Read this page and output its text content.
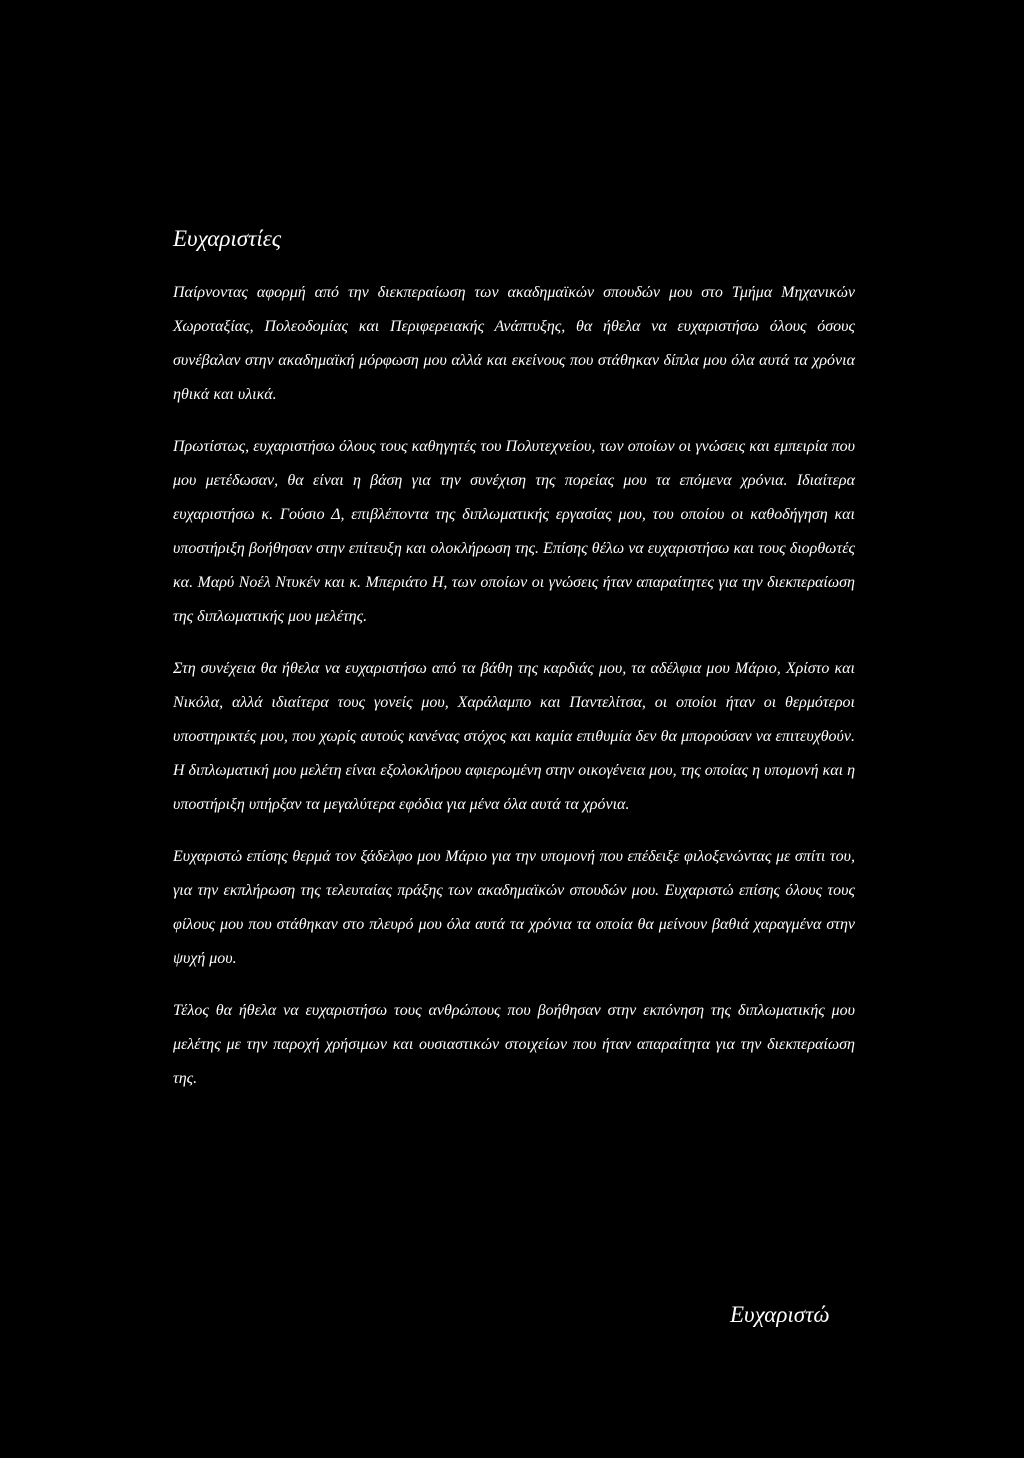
Ευχαριστίες

Παίρνοντας αφορμή από την διεκπεραίωση των ακαδημαϊκών σπουδών μου στο Τμήμα Μηχανικών Χωροταξίας, Πολεοδομίας και Περιφερειακής Ανάπτυξης, θα ήθελα να ευχαριστήσω όλους όσους συνέβαλαν στην ακαδημαϊκή μόρφωση μου αλλά και εκείνους που στάθηκαν δίπλα μου όλα αυτά τα χρόνια ηθικά και υλικά.

Πρωτίστως, ευχαριστήσω όλους τους καθηγητές του Πολυτεχνείου, των οποίων οι γνώσεις και εμπειρία που μου μετέδωσαν, θα είναι η βάση για την συνέχιση της πορείας μου τα επόμενα χρόνια. Ιδιαίτερα ευχαριστήσω κ. Γούσιο Δ, επιβλέποντα της διπλωματικής εργασίας μου, του οποίου οι καθοδήγηση και υποστήριξη βοήθησαν στην επίτευξη και ολοκλήρωση της. Επίσης θέλω να ευχαριστήσω και τους διορθωτές κα. Μαρύ Νοέλ Ντυκέν και κ. Μπεριάτο Η, των οποίων οι γνώσεις ήταν απαραίτητες για την διεκπεραίωση της διπλωματικής μου μελέτης.

Στη συνέχεια θα ήθελα να ευχαριστήσω από τα βάθη της καρδιάς μου, τα αδέλφια μου Μάριο, Χρίστο και Νικόλα, αλλά ιδιαίτερα τους γονείς μου, Χαράλαμπο και Παντελίτσα, οι οποίοι ήταν οι θερμότεροι υποστηρικτές μου, που χωρίς αυτούς κανένας στόχος και καμία επιθυμία δεν θα μπορούσαν να επιτευχθούν. Η διπλωματική μου μελέτη είναι εξολοκλήρου αφιερωμένη στην οικογένεια μου, της οποίας η υπομονή και η υποστήριξη υπήρξαν τα μεγαλύτερα εφόδια για μένα όλα αυτά τα χρόνια.

Ευχαριστώ επίσης θερμά τον ξάδελφο μου Μάριο για την υπομονή που επέδειξε φιλοξενώντας με σπίτι του, για την εκπλήρωση της τελευταίας πράξης των ακαδημαϊκών σπουδών μου. Ευχαριστώ επίσης όλους τους φίλους μου που στάθηκαν στο πλευρό μου όλα αυτά τα χρόνια τα οποία θα μείνουν βαθιά χαραγμένα στην ψυχή μου.

Τέλος θα ήθελα να ευχαριστήσω τους ανθρώπους που βοήθησαν στην εκπόνηση της διπλωματικής μου μελέτης με την παροχή χρήσιμων και ουσιαστικών στοιχείων που ήταν απαραίτητα για την διεκπεραίωση της.

Ευχαριστώ
